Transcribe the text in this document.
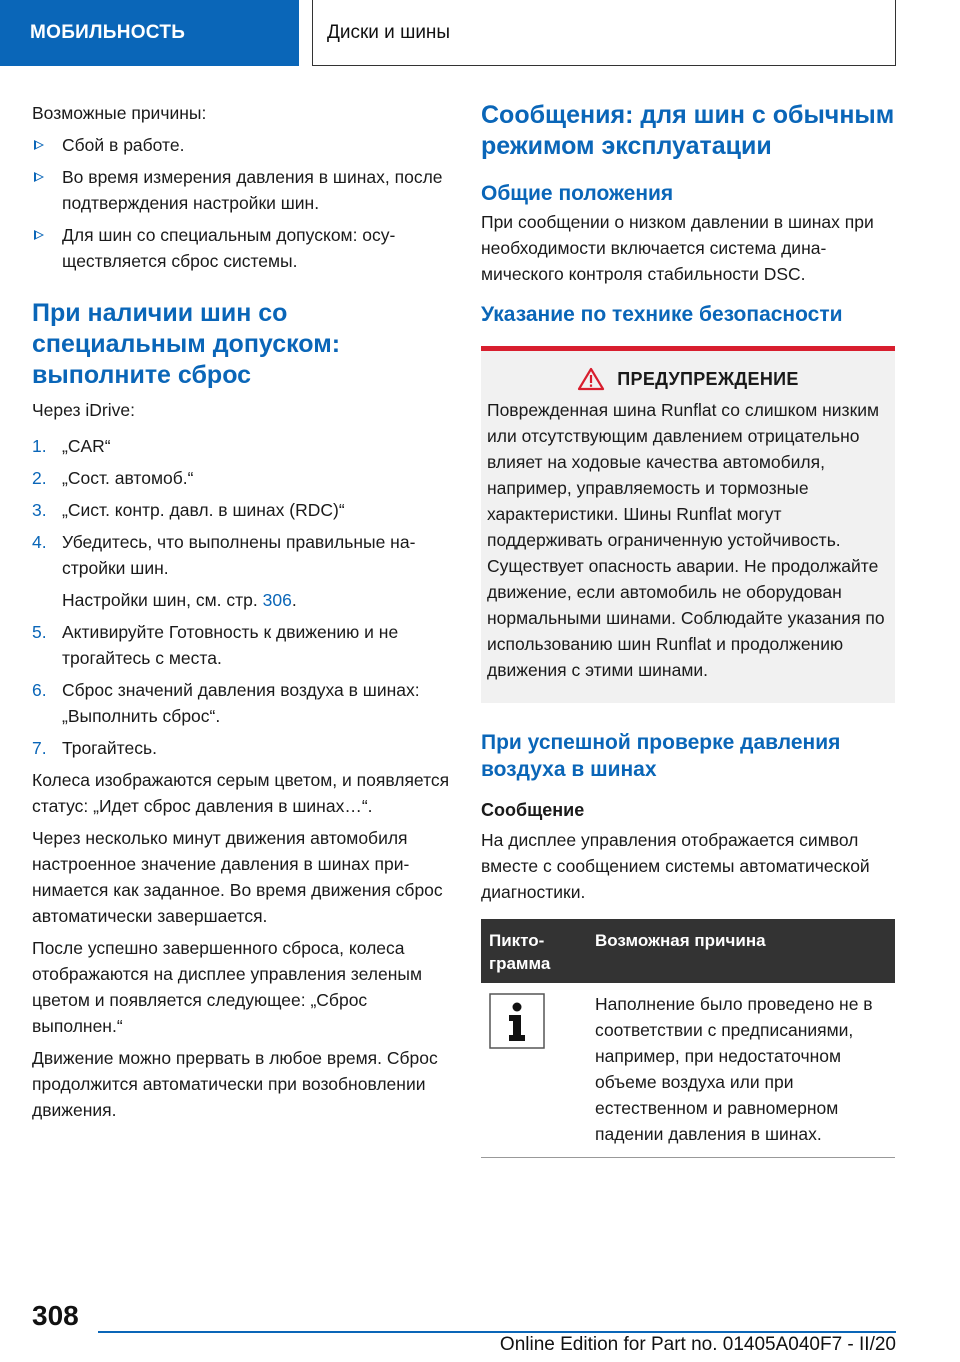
МОБИЛЬНОСТЬ	Диски и шины

Возможные причины:

Сбой в работе.
Во время измерения давления в шинах, после подтверждения настройки шин.
Для шин со специальным допуском: осуществляется сброс системы.
При наличии шин со специальным допуском: выполните сброс

Через iDrive:

1. „CAR“
2. „Сост. автомоб.“
3. „Сист. контр. давл. в шинах (RDC)“
4. Убедитесь, что выполнены правильные настройки шин.
Настройки шин, см. стр. 306.
5. Активируйте Готовность к движению и не трогайтесь с места.
6. Сброс значений давления воздуха в шинах: „Выполнить сброс“.
7. Трогайтесь.

Колеса изображаются серым цветом, и появляется статус: „Идет сброс давления в шинах…“.

Через несколько минут движения автомобиля настроенное значение давления в шинах принимается как заданное. Во время движения сброс автоматически завершается.

После успешно завершенного сброса, колеса отображаются на дисплее управления зеленым цветом и появляется следующее: „Сброс выполнен.“

Движение можно прервать в любое время. Сброс продолжится автоматически при возобновлении движения.

Сообщения: для шин с обычным режимом эксплуатации
Общие положения

При сообщении о низком давлении в шинах при необходимости включается система динамического контроля стабильности DSC.

Указание по технике безопасности
ПРЕДУПРЕЖДЕНИЕ

Поврежденная шина Runflat со слишком низким или отсутствующим давлением отрицательно влияет на ходовые качества автомобиля, например, управляемость и тормозные характеристики. Шины Runflat могут поддерживать ограниченную устойчивость. Существует опасность аварии. Не продолжайте движение, если автомобиль не оборудован нормальными шинами. Соблюдайте указания по использованию шин Runflat и продолжению движения с этими шинами.

При успешной проверке давления воздуха в шинах
Сообщение

На дисплее управления отображается символ вместе с сообщением системы автоматической диагностики.

Пиктограмма	Возможная причина
	Наполнение было проведено не в соответствии с предписаниями, например, при недостаточном объеме воздуха или при естественном и равномерном падении давления в шинах.
308
Online Edition for Part no. 01405A040F7 - II/20
